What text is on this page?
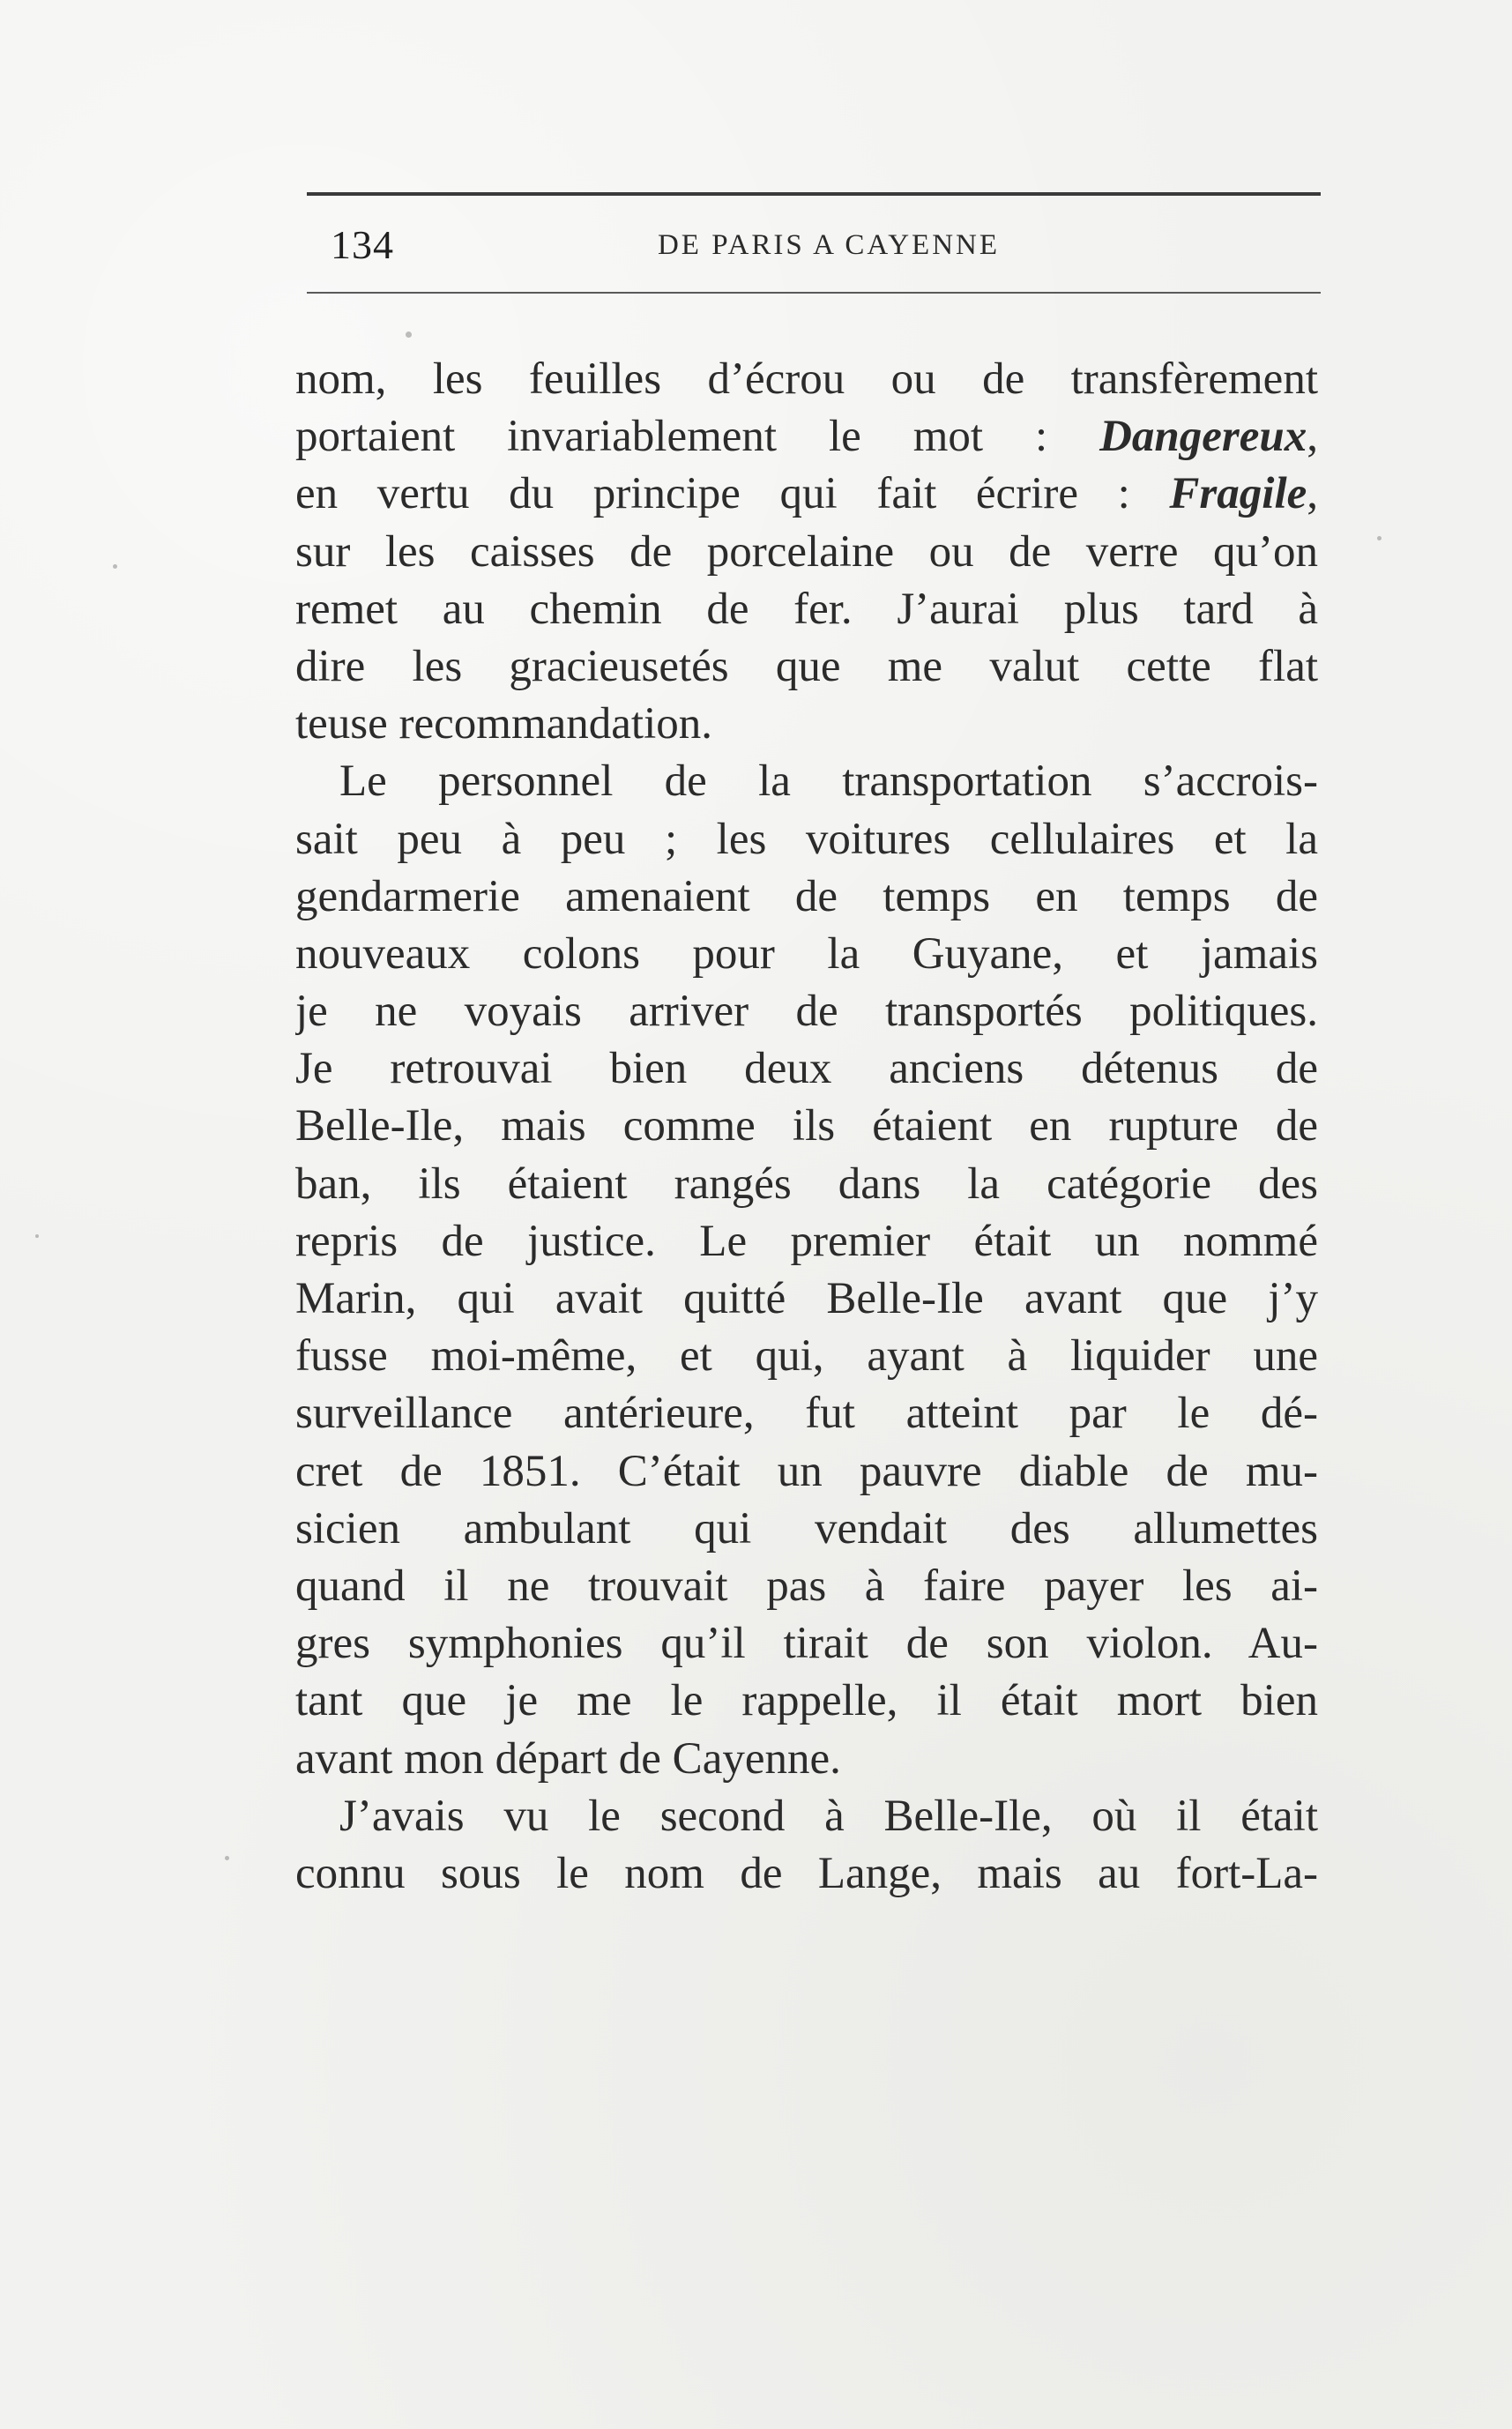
134	DE PARIS A CAYENNE
nom, les feuilles d’écrou ou de transfèrement
portaient invariablement le mot : Dangereux,
en vertu du principe qui fait écrire : Fragile,
sur les caisses de porcelaine ou de verre qu’on
remet au chemin de fer. J’aurai plus tard à
dire les gracieusetés que me valut cette flat
teuse recommandation.
Le personnel de la transportation s’accrois-
sait peu à peu ; les voitures cellulaires et la
gendarmerie amenaient de temps en temps de
nouveaux colons pour la Guyane, et jamais
je ne voyais arriver de transportés politiques.
Je retrouvai bien deux anciens détenus de
Belle-Ile, mais comme ils étaient en rupture de
ban, ils étaient rangés dans la catégorie des
repris de justice. Le premier était un nommé
Marin, qui avait quitté Belle-Ile avant que j’y
fusse moi-même, et qui, ayant à liquider une
surveillance antérieure, fut atteint par le dé-
cret de 1851. C’était un pauvre diable de mu-
sicien ambulant qui vendait des allumettes
quand il ne trouvait pas à faire payer les ai-
gres symphonies qu’il tirait de son violon. Au-
tant que je me le rappelle, il était mort bien
avant mon départ de Cayenne.
J’avais vu le second à Belle-Ile, où il était
connu sous le nom de Lange, mais au fort-La-
